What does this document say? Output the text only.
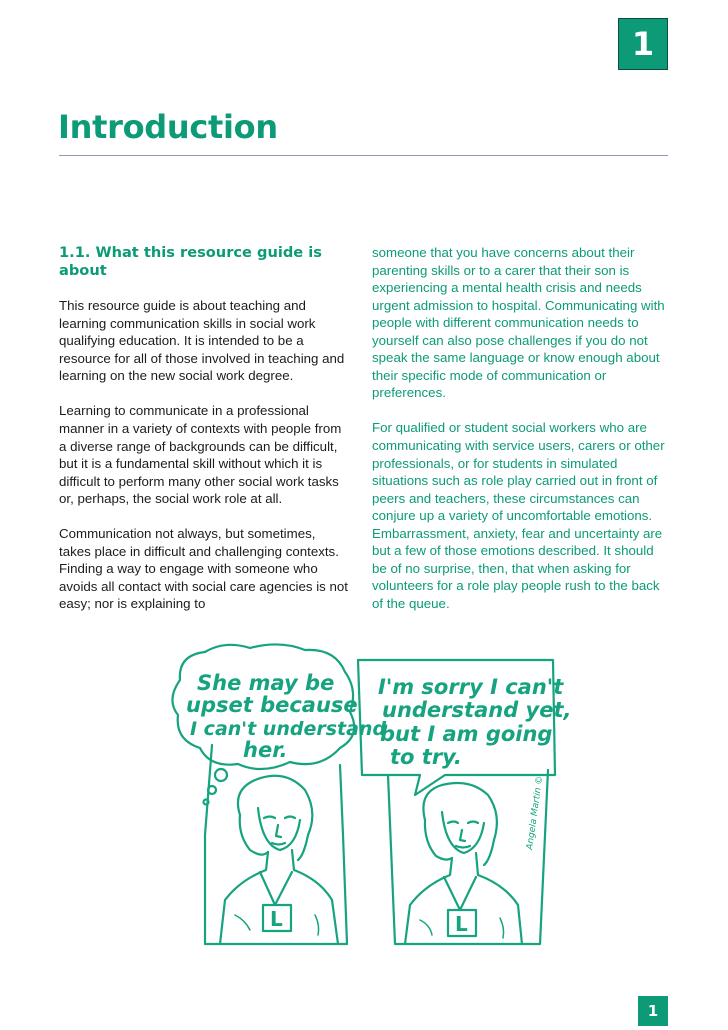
1
Introduction
1.1. What this resource guide is about

This resource guide is about teaching and learning communication skills in social work qualifying education. It is intended to be a resource for all of those involved in teaching and learning on the new social work degree.

Learning to communicate in a professional manner in a variety of contexts with people from a diverse range of backgrounds can be difficult, but it is a fundamental skill without which it is difficult to perform many other social work tasks or, perhaps, the social work role at all.

Communication not always, but sometimes, takes place in difficult and challenging contexts. Finding a way to engage with someone who avoids all contact with social care agencies is not easy; nor is explaining to

someone that you have concerns about their parenting skills or to a carer that their son is experiencing a mental health crisis and needs urgent admission to hospital. Communicating with people with different communication needs to yourself can also pose challenges if you do not speak the same language or know enough about their specific mode of communication or preferences.

For qualified or student social workers who are communicating with service users, carers or other professionals, or for students in simulated situations such as role play carried out in front of peers and teachers, these circumstances can conjure up a variety of uncomfortable emotions. Embarrassment, anxiety, fear and uncertainty are but a few of those emotions described. It should be of no surprise, then, that when asking for volunteers for a role play people rush to the back of the queue.

She may be
upset because
I can't understand
her.
L
I'm sorry I can't
understand yet,
but I am going
to try.
L
Angela Martin ©
1
